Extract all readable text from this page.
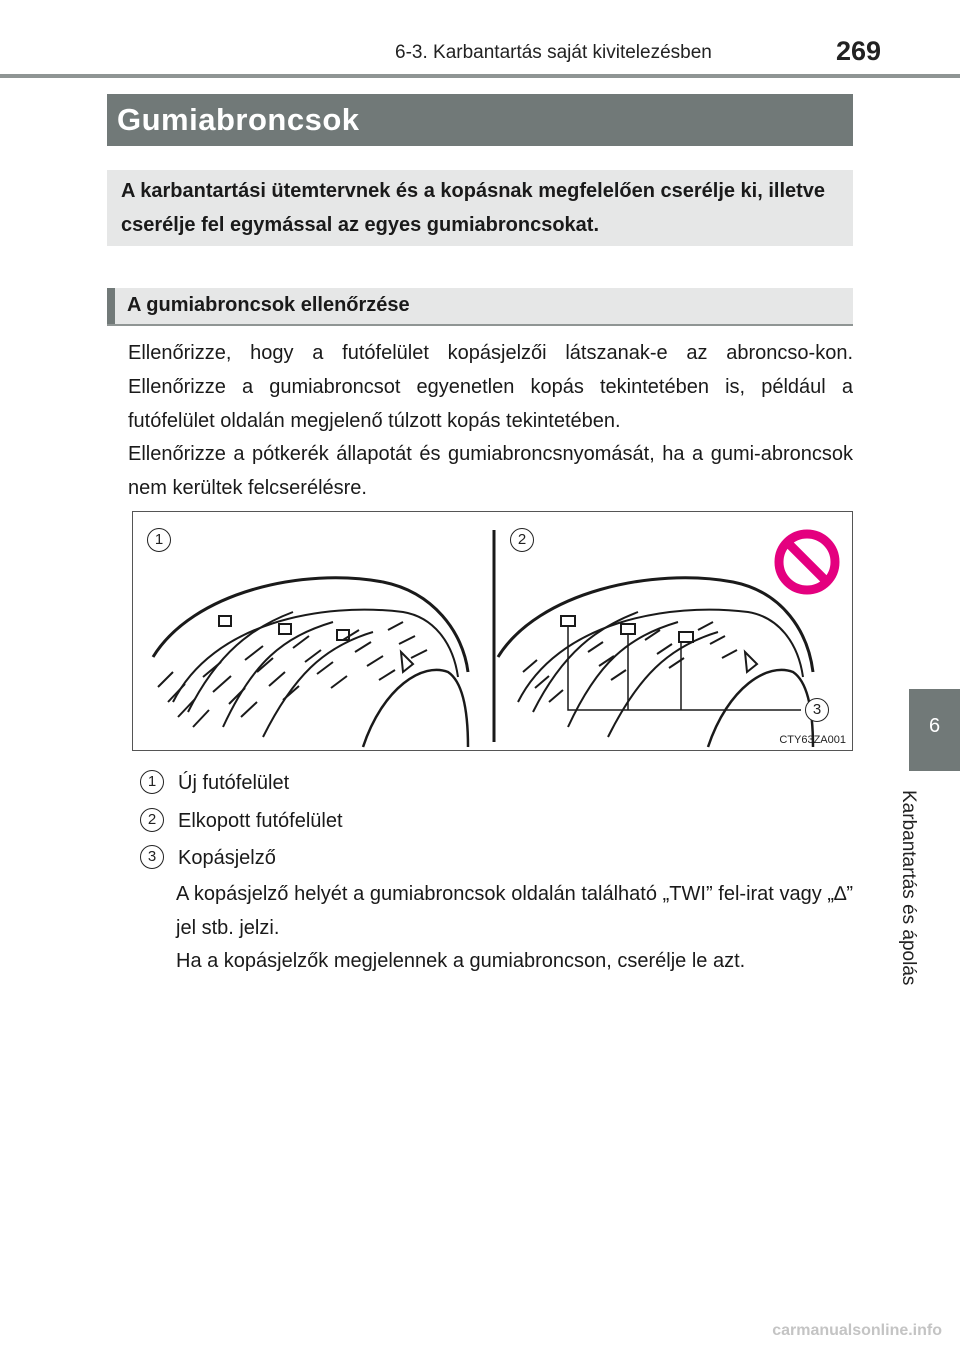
6-3. Karbantartás saját kivitelezésben	269
Gumiabroncsok

A karbantartási ütemtervnek és a kopásnak megfelelően cserélje ki, illetve cserélje fel egymással az egyes gumiabroncsokat.

A gumiabroncsok ellenőrzése

Ellenőrizze, hogy a futófelület kopásjelzői látszanak-e az abroncso-kon. Ellenőrizze a gumiabroncsot egyenetlen kopás tekintetében is, például a futófelület oldalán megjelenő túlzott kopás tekintetében.

Ellenőrizze a pótkerék állapotát és gumiabroncsnyomását, ha a gumi-abroncsok nem kerültek felcserélésre.

1	2
3
CTY63ZA001
1	Új futófelület
2	Elkopott futófelület
3	Kopásjelző

A kopásjelző helyét a gumiabroncsok oldalán található „TWI” fel-irat vagy „∆” jel stb. jelzi.

Ha a kopásjelzők megjelennek a gumiabroncson, cserélje le azt.

6
Karbantartás és ápolás
carmanualsonline.info
